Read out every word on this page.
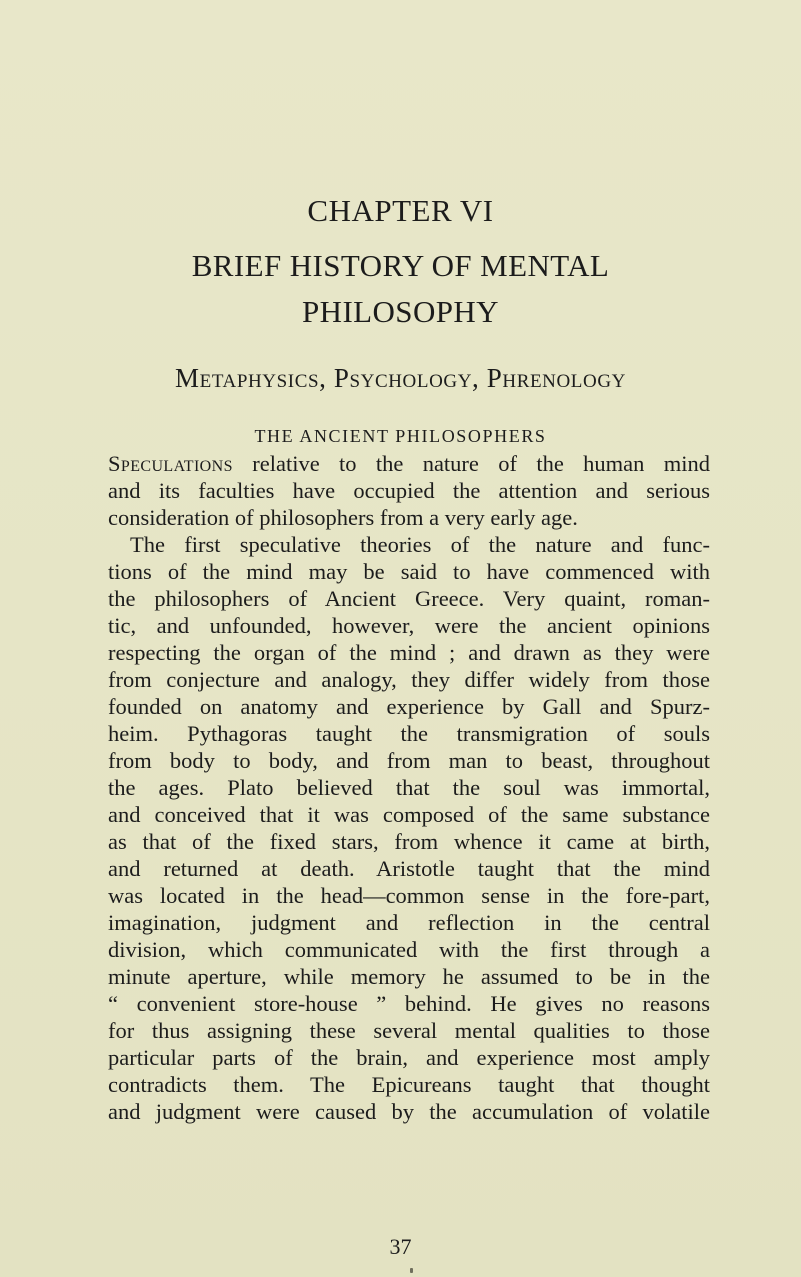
CHAPTER VI
BRIEF HISTORY OF MENTAL
PHILOSOPHY
Metaphysics, Psychology, Phrenology
THE ANCIENT PHILOSOPHERS
Speculations relative to the nature of the human mind
and its faculties have occupied the attention and serious
consideration of philosophers from a very early age.
The first speculative theories of the nature and func-
tions of the mind may be said to have commenced with
the philosophers of Ancient Greece. Very quaint, roman-
tic, and unfounded, however, were the ancient opinions
respecting the organ of the mind ; and drawn as they were
from conjecture and analogy, they differ widely from those
founded on anatomy and experience by Gall and Spurz-
heim. Pythagoras taught the transmigration of souls
from body to body, and from man to beast, throughout
the ages. Plato believed that the soul was immortal,
and conceived that it was composed of the same substance
as that of the fixed stars, from whence it came at birth,
and returned at death. Aristotle taught that the mind
was located in the head—common sense in the fore-part,
imagination, judgment and reflection in the central
division, which communicated with the first through a
minute aperture, while memory he assumed to be in the
“ convenient store-house ” behind. He gives no reasons
for thus assigning these several mental qualities to those
particular parts of the brain, and experience most amply
contradicts them. The Epicureans taught that thought
and judgment were caused by the accumulation of volatile
37
